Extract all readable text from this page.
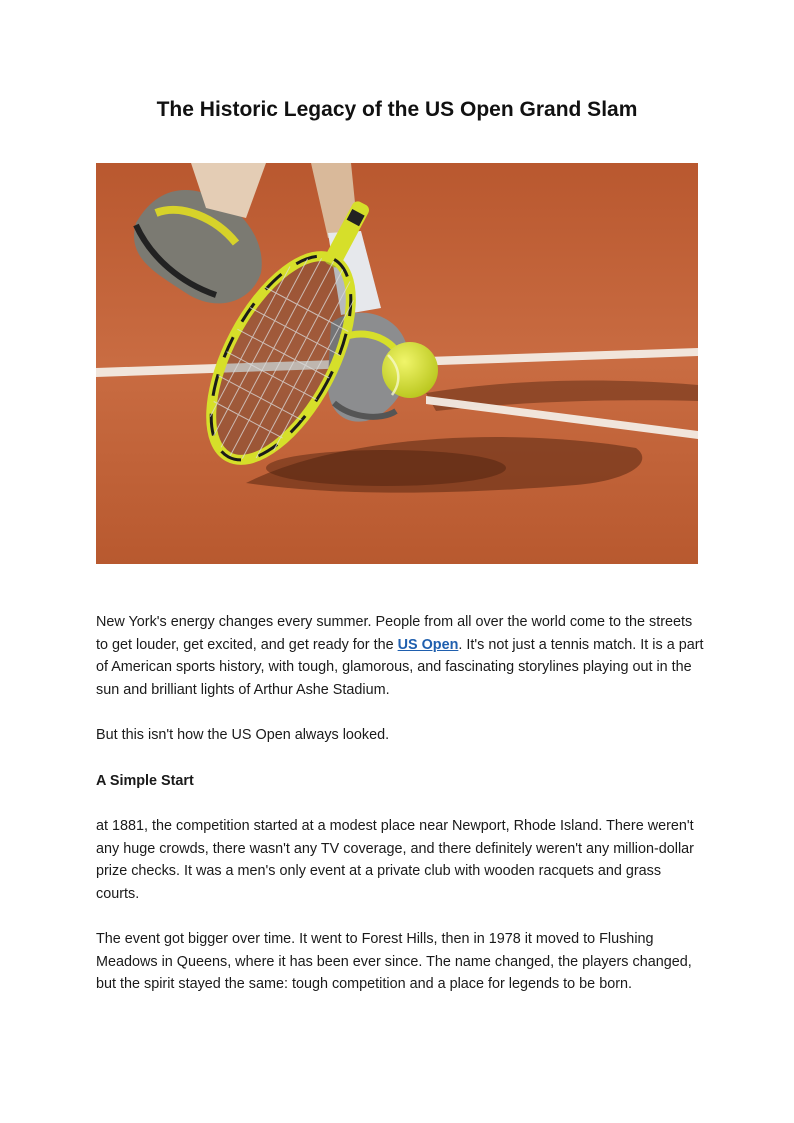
The Historic Legacy of the US Open Grand Slam

New York's energy changes every summer. People from all over the world come to the streets to get louder, get excited, and get ready for the US Open. It's not just a tennis match. It is a part of American sports history, with tough, glamorous, and fascinating storylines playing out in the sun and brilliant lights of Arthur Ashe Stadium.

But this isn't how the US Open always looked.

A Simple Start

at 1881, the competition started at a modest place near Newport, Rhode Island. There weren't any huge crowds, there wasn't any TV coverage, and there definitely weren't any million-dollar prize checks. It was a men's only event at a private club with wooden racquets and grass courts.

The event got bigger over time. It went to Forest Hills, then in 1978 it moved to Flushing Meadows in Queens, where it has been ever since. The name changed, the players changed, but the spirit stayed the same: tough competition and a place for legends to be born.
